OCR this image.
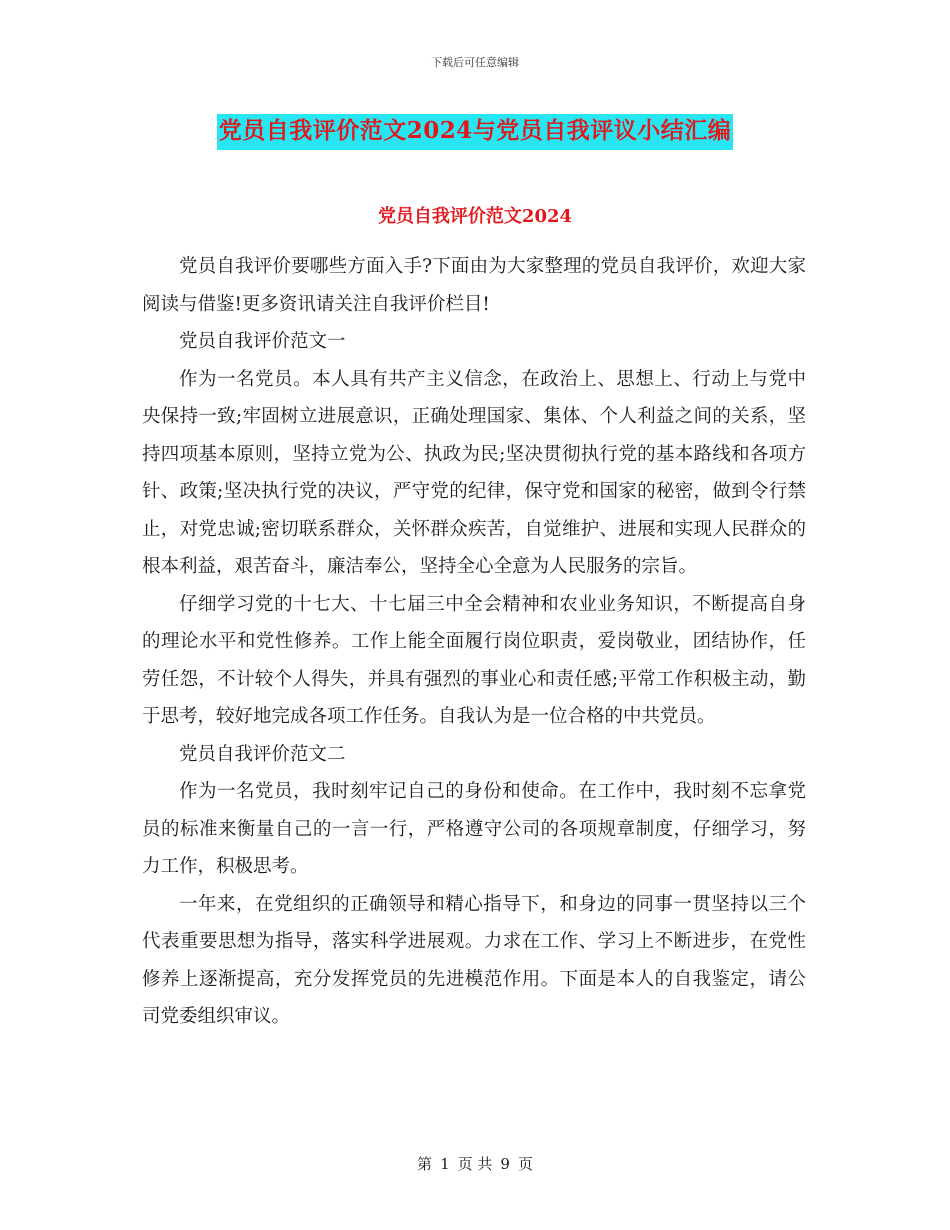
下载后可任意编辑
党员自我评价范文2024与党员自我评议小结汇编
党员自我评价范文2024

党员自我评价要哪些方面入手?下面由为大家整理的党员自我评价，欢迎大家阅读与借鉴!更多资讯请关注自我评价栏目!

党员自我评价范文一

作为一名党员。本人具有共产主义信念，在政治上、思想上、行动上与党中央保持一致;牢固树立进展意识，正确处理国家、集体、个人利益之间的关系，坚持四项基本原则，坚持立党为公、执政为民;坚决贯彻执行党的基本路线和各项方针、政策;坚决执行党的决议，严守党的纪律，保守党和国家的秘密，做到令行禁止，对党忠诚;密切联系群众，关怀群众疾苦，自觉维护、进展和实现人民群众的根本利益，艰苦奋斗，廉洁奉公，坚持全心全意为人民服务的宗旨。

仔细学习党的十七大、十七届三中全会精神和农业业务知识，不断提高自身的理论水平和党性修养。工作上能全面履行岗位职责，爱岗敬业，团结协作，任劳任怨，不计较个人得失，并具有强烈的事业心和责任感;平常工作积极主动，勤于思考，较好地完成各项工作任务。自我认为是一位合格的中共党员。

党员自我评价范文二

作为一名党员，我时刻牢记自己的身份和使命。在工作中，我时刻不忘拿党员的标准来衡量自己的一言一行，严格遵守公司的各项规章制度，仔细学习，努力工作，积极思考。

一年来，在党组织的正确领导和精心指导下，和身边的同事一贯坚持以三个代表重要思想为指导，落实科学进展观。力求在工作、学习上不断进步，在党性修养上逐渐提高，充分发挥党员的先进模范作用。下面是本人的自我鉴定，请公司党委组织审议。

第 1 页 共 9 页
